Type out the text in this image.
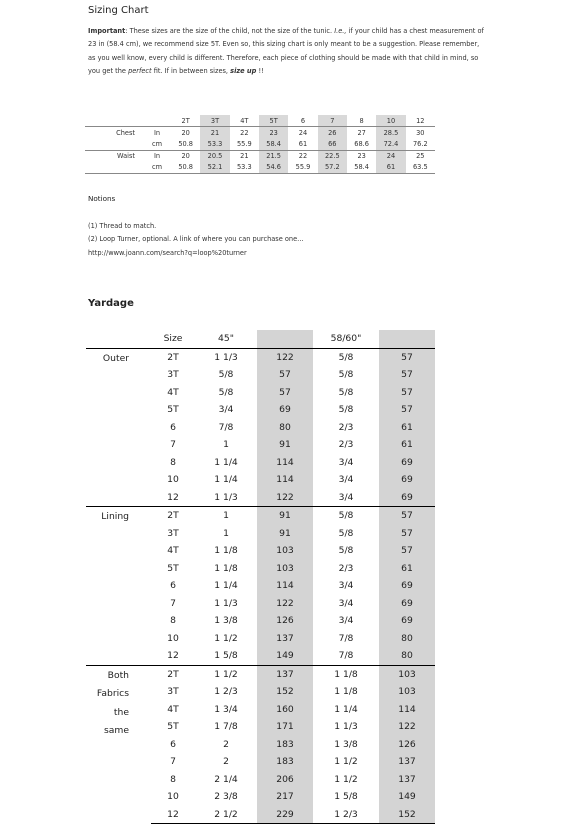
Sizing Chart
Important: These sizes are the size of the child, not the size of the tunic. I.e., if your child has a chest measurement of 23 in (58.4 cm), we recommend size 5T. Even so, this sizing chart is only meant to be a suggestion. Please remember, as you well know, every child is different. Therefore, each piece of clothing should be made with that child in mind, so you get the perfect fit. If in between sizes, size up !!
		2T	3T	4T	5T	6	7	8	10	12
Chest	In	20	21	22	23	24	26	27	28.5	30
	cm	50.8	53.3	55.9	58.4	61	66	68.6	72.4	76.2
Waist	In	20	20.5	21	21.5	22	22.5	23	24	25
	cm	50.8	52.1	53.3	54.6	55.9	57.2	58.4	61	63.5
Notions
(1) Thread to match.
(2) Loop Turner, optional. A link of where you can purchase one…
http://www.joann.com/search?q=loop%20turner
Yardage
	Size	45"		58/60"	

Outer	2T	1 1/3	122	5/8	57
	3T	5/8	57	5/8	57
	4T	5/8	57	5/8	57
	5T	3/4	69	5/8	57
	6	7/8	80	2/3	61
	7	1	91	2/3	61
	8	1 1/4	114	3/4	69
	10	1 1/4	114	3/4	69
	12	1 1/3	122	3/4	69

Lining	2T	1	91	5/8	57
	3T	1	91	5/8	57
	4T	1 1/8	103	5/8	57
	5T	1 1/8	103	2/3	61
	6	1 1/4	114	3/4	69
	7	1 1/3	122	3/4	69
	8	1 3/8	126	3/4	69
	10	1 1/2	137	7/8	80
	12	1 5/8	149	7/8	80

Both
Fabrics
the same	2T	1 1/2	137	1 1/8	103
	3T	1 2/3	152	1 1/8	103
	4T	1 3/4	160	1 1/4	114
	5T	1 7/8	171	1 1/3	122
	6	2	183	1 3/8	126
	7	2	183	1 1/2	137
	8	2 1/4	206	1 1/2	137
	10	2 3/8	217	1 5/8	149
	12	2 1/2	229	1 2/3	152
